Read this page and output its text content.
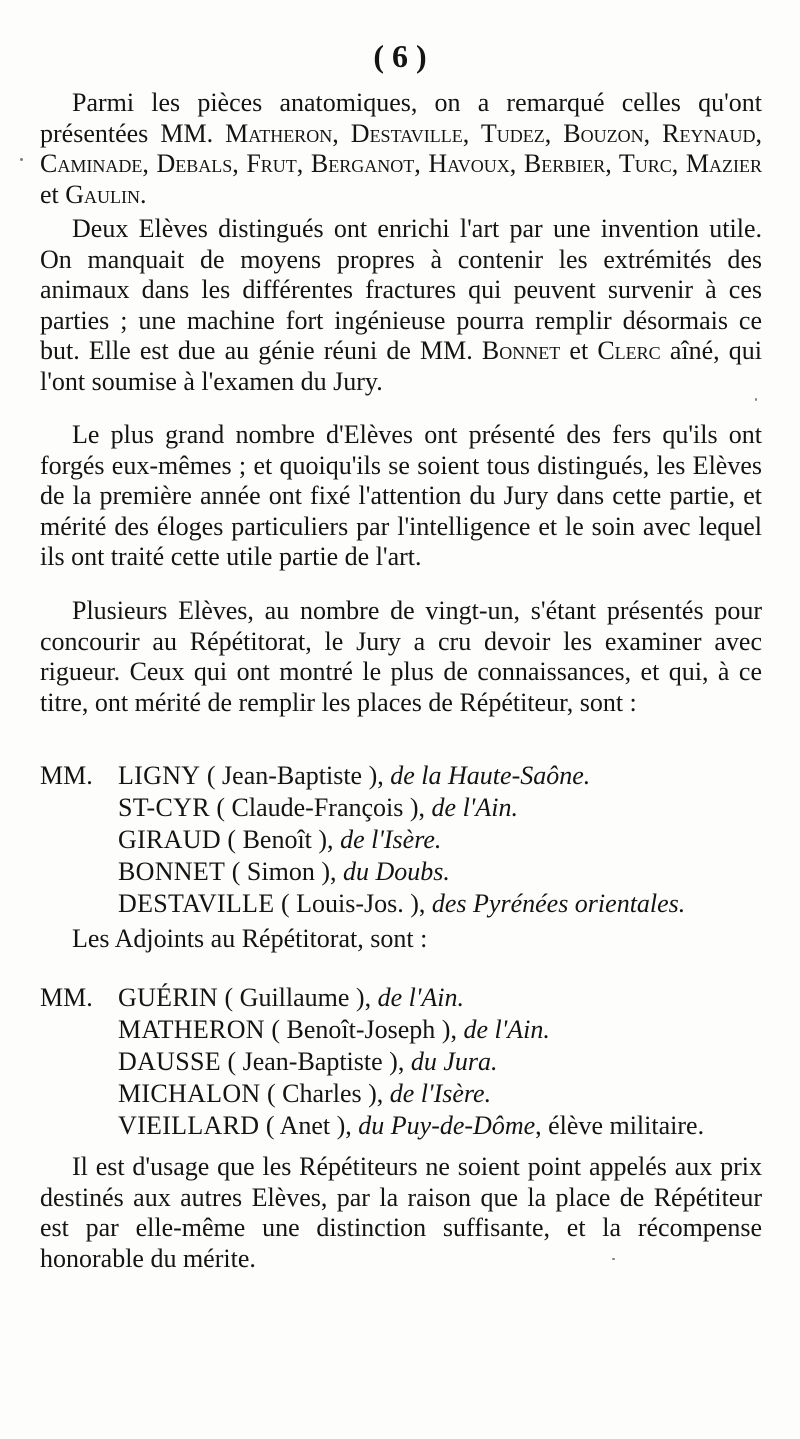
( 6 )
Parmi les pièces anatomiques, on a remarqué celles qu'ont présentées MM. Matheron, Destaville, Tudez, Bouzon, Reynaud, Caminade, Debals, Frut, Berganot, Havoux, Berbier, Turc, Mazier et Gaulin.
Deux Elèves distingués ont enrichi l'art par une invention utile. On manquait de moyens propres à contenir les extrémités des animaux dans les différentes fractures qui peuvent survenir à ces parties ; une machine fort ingénieuse pourra remplir désormais ce but. Elle est due au génie réuni de MM. Bonnet et Clerc aîné, qui l'ont soumise à l'examen du Jury.
Le plus grand nombre d'Elèves ont présenté des fers qu'ils ont forgés eux-mêmes ; et quoiqu'ils se soient tous distingués, les Elèves de la première année ont fixé l'attention du Jury dans cette partie, et mérité des éloges particuliers par l'intelligence et le soin avec lequel ils ont traité cette utile partie de l'art.
Plusieurs Elèves, au nombre de vingt-un, s'étant présentés pour concourir au Répétitorat, le Jury a cru devoir les examiner avec rigueur. Ceux qui ont montré le plus de connaissances, et qui, à ce titre, ont mérité de remplir les places de Répétiteur, sont :
MM. LIGNY ( Jean-Baptiste ), de la Haute-Saône.
ST-CYR ( Claude-François ), de l'Ain.
GIRAUD ( Benoît ), de l'Isère.
BONNET ( Simon ), du Doubs.
DESTAVILLE ( Louis-Jos. ), des Pyrénées orientales.
Les Adjoints au Répétitorat, sont :
MM. GUÉRIN ( Guillaume ), de l'Ain.
MATHERON ( Benoît-Joseph ), de l'Ain.
DAUSSE ( Jean-Baptiste ), du Jura.
MICHALON ( Charles ), de l'Isère.
VIEILLARD ( Anet ), du Puy-de-Dôme, élève militaire.
Il est d'usage que les Répétiteurs ne soient point appelés aux prix destinés aux autres Elèves, par la raison que la place de Répétiteur est par elle-même une distinction suffisante, et la récompense honorable du mérite.
